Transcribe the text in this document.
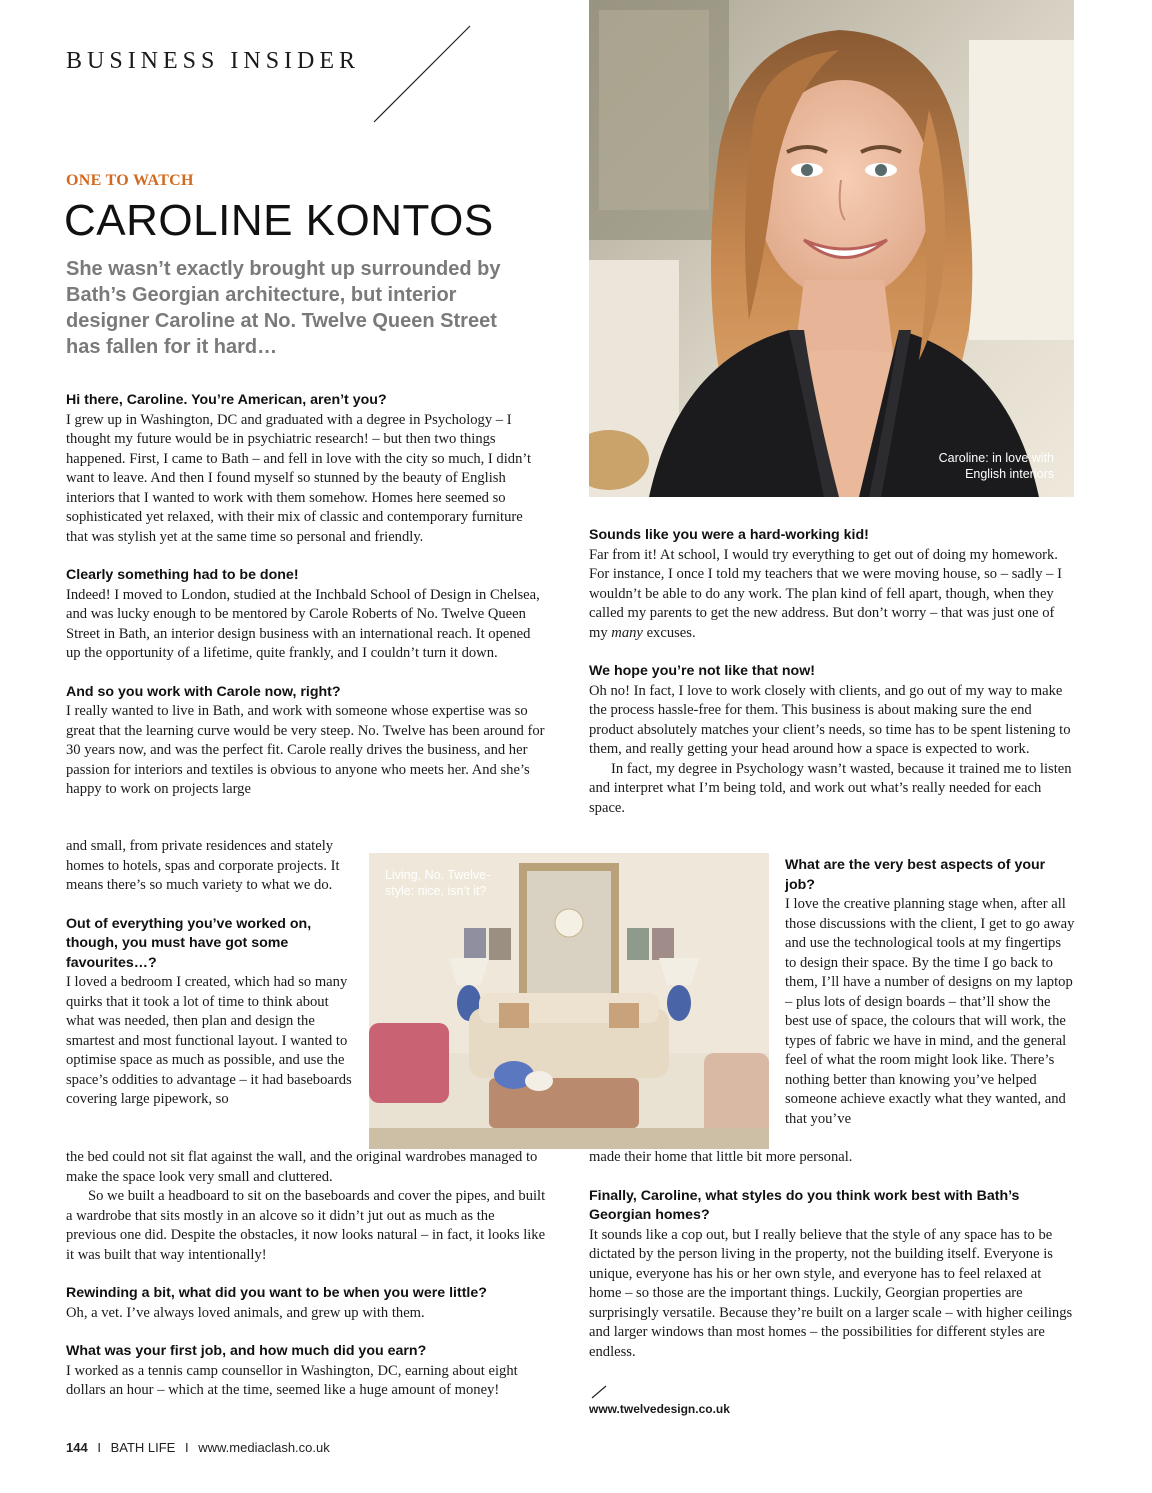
BUSINESS INSIDER
ONE TO WATCH
CAROLINE KONTOS
She wasn’t exactly brought up surrounded by Bath’s Georgian architecture, but interior designer Caroline at No. Twelve Queen Street has fallen for it hard…
Caroline: in love with
English interiors

Hi there, Caroline. You’re American, aren’t you?

I grew up in Washington, DC and graduated with a degree in Psychology – I thought my future would be in psychiatric research! – but then two things happened. First, I came to Bath – and fell in love with the city so much, I didn’t want to leave. And then I found myself so stunned by the beauty of English interiors that I wanted to work with them somehow. Homes here seemed so sophisticated yet relaxed, with their mix of classic and contemporary furniture that was stylish yet at the same time so personal and friendly.

Clearly something had to be done!

Indeed! I moved to London, studied at the Inchbald School of Design in Chelsea, and was lucky enough to be mentored by Carole Roberts of No. Twelve Queen Street in Bath, an interior design business with an international reach. It opened up the opportunity of a lifetime, quite frankly, and I couldn’t turn it down.

And so you work with Carole now, right?

I really wanted to live in Bath, and work with someone whose expertise was so great that the learning curve would be very steep. No. Twelve has been around for 30 years now, and was the perfect fit. Carole really drives the business, and her passion for interiors and textiles is obvious to anyone who meets her. And she’s happy to work on projects large

and small, from private residences and stately homes to hotels, spas and corporate projects. It means there’s so much variety to what we do.

Out of everything you’ve worked on, though, you must have got some favourites…?

I loved a bedroom I created, which had so many quirks that it took a lot of time to think about what was needed, then plan and design the smartest and most functional layout. I wanted to optimise space as much as possible, and use the space’s oddities to advantage – it had baseboards covering large pipework, so

the bed could not sit flat against the wall, and the original wardrobes managed to make the space look very small and cluttered.

So we built a headboard to sit on the baseboards and cover the pipes, and built a wardrobe that sits mostly in an alcove so it didn’t jut out as much as the previous one did. Despite the obstacles, it now looks natural – in fact, it looks like it was built that way intentionally!

Rewinding a bit, what did you want to be when you were little?

Oh, a vet. I’ve always loved animals, and grew up with them.

What was your first job, and how much did you earn?

I worked as a tennis camp counsellor in Washington, DC, earning about eight dollars an hour – which at the time, seemed like a huge amount of money!

Living, No. Twelve-
style: nice, isn’t it?

Sounds like you were a hard-working kid!

Far from it! At school, I would try everything to get out of doing my homework. For instance, I once I told my teachers that we were moving house, so – sadly – I wouldn’t be able to do any work. The plan kind of fell apart, though, when they called my parents to get the new address. But don’t worry – that was just one of my many excuses.

We hope you’re not like that now!

Oh no! In fact, I love to work closely with clients, and go out of my way to make the process hassle-free for them. This business is about making sure the end product absolutely matches your client’s needs, so time has to be spent listening to them, and really getting your head around how a space is expected to work.

In fact, my degree in Psychology wasn’t wasted, because it trained me to listen and interpret what I’m being told, and work out what’s really needed for each space.

What are the very best aspects of your job?

I love the creative planning stage when, after all those discussions with the client, I get to go away and use the technological tools at my fingertips to design their space. By the time I go back to them, I’ll have a number of designs on my laptop – plus lots of design boards – that’ll show the best use of space, the colours that will work, the types of fabric we have in mind, and the general feel of what the room might look like. There’s nothing better than knowing you’ve helped someone achieve exactly what they wanted, and that you’ve

made their home that little bit more personal.

Finally, Caroline, what styles do you think work best with Bath’s Georgian homes?

It sounds like a cop out, but I really believe that the style of any space has to be dictated by the person living in the property, not the building itself. Everyone is unique, everyone has his or her own style, and everyone has to feel relaxed at home – so those are the important things. Luckily, Georgian properties are surprisingly versatile. Because they’re built on a larger scale – with higher ceilings and larger windows than most homes – the possibilities for different styles are endless.

www.twelvedesign.co.uk
144 I BATH LIFE I www.mediaclash.co.uk
